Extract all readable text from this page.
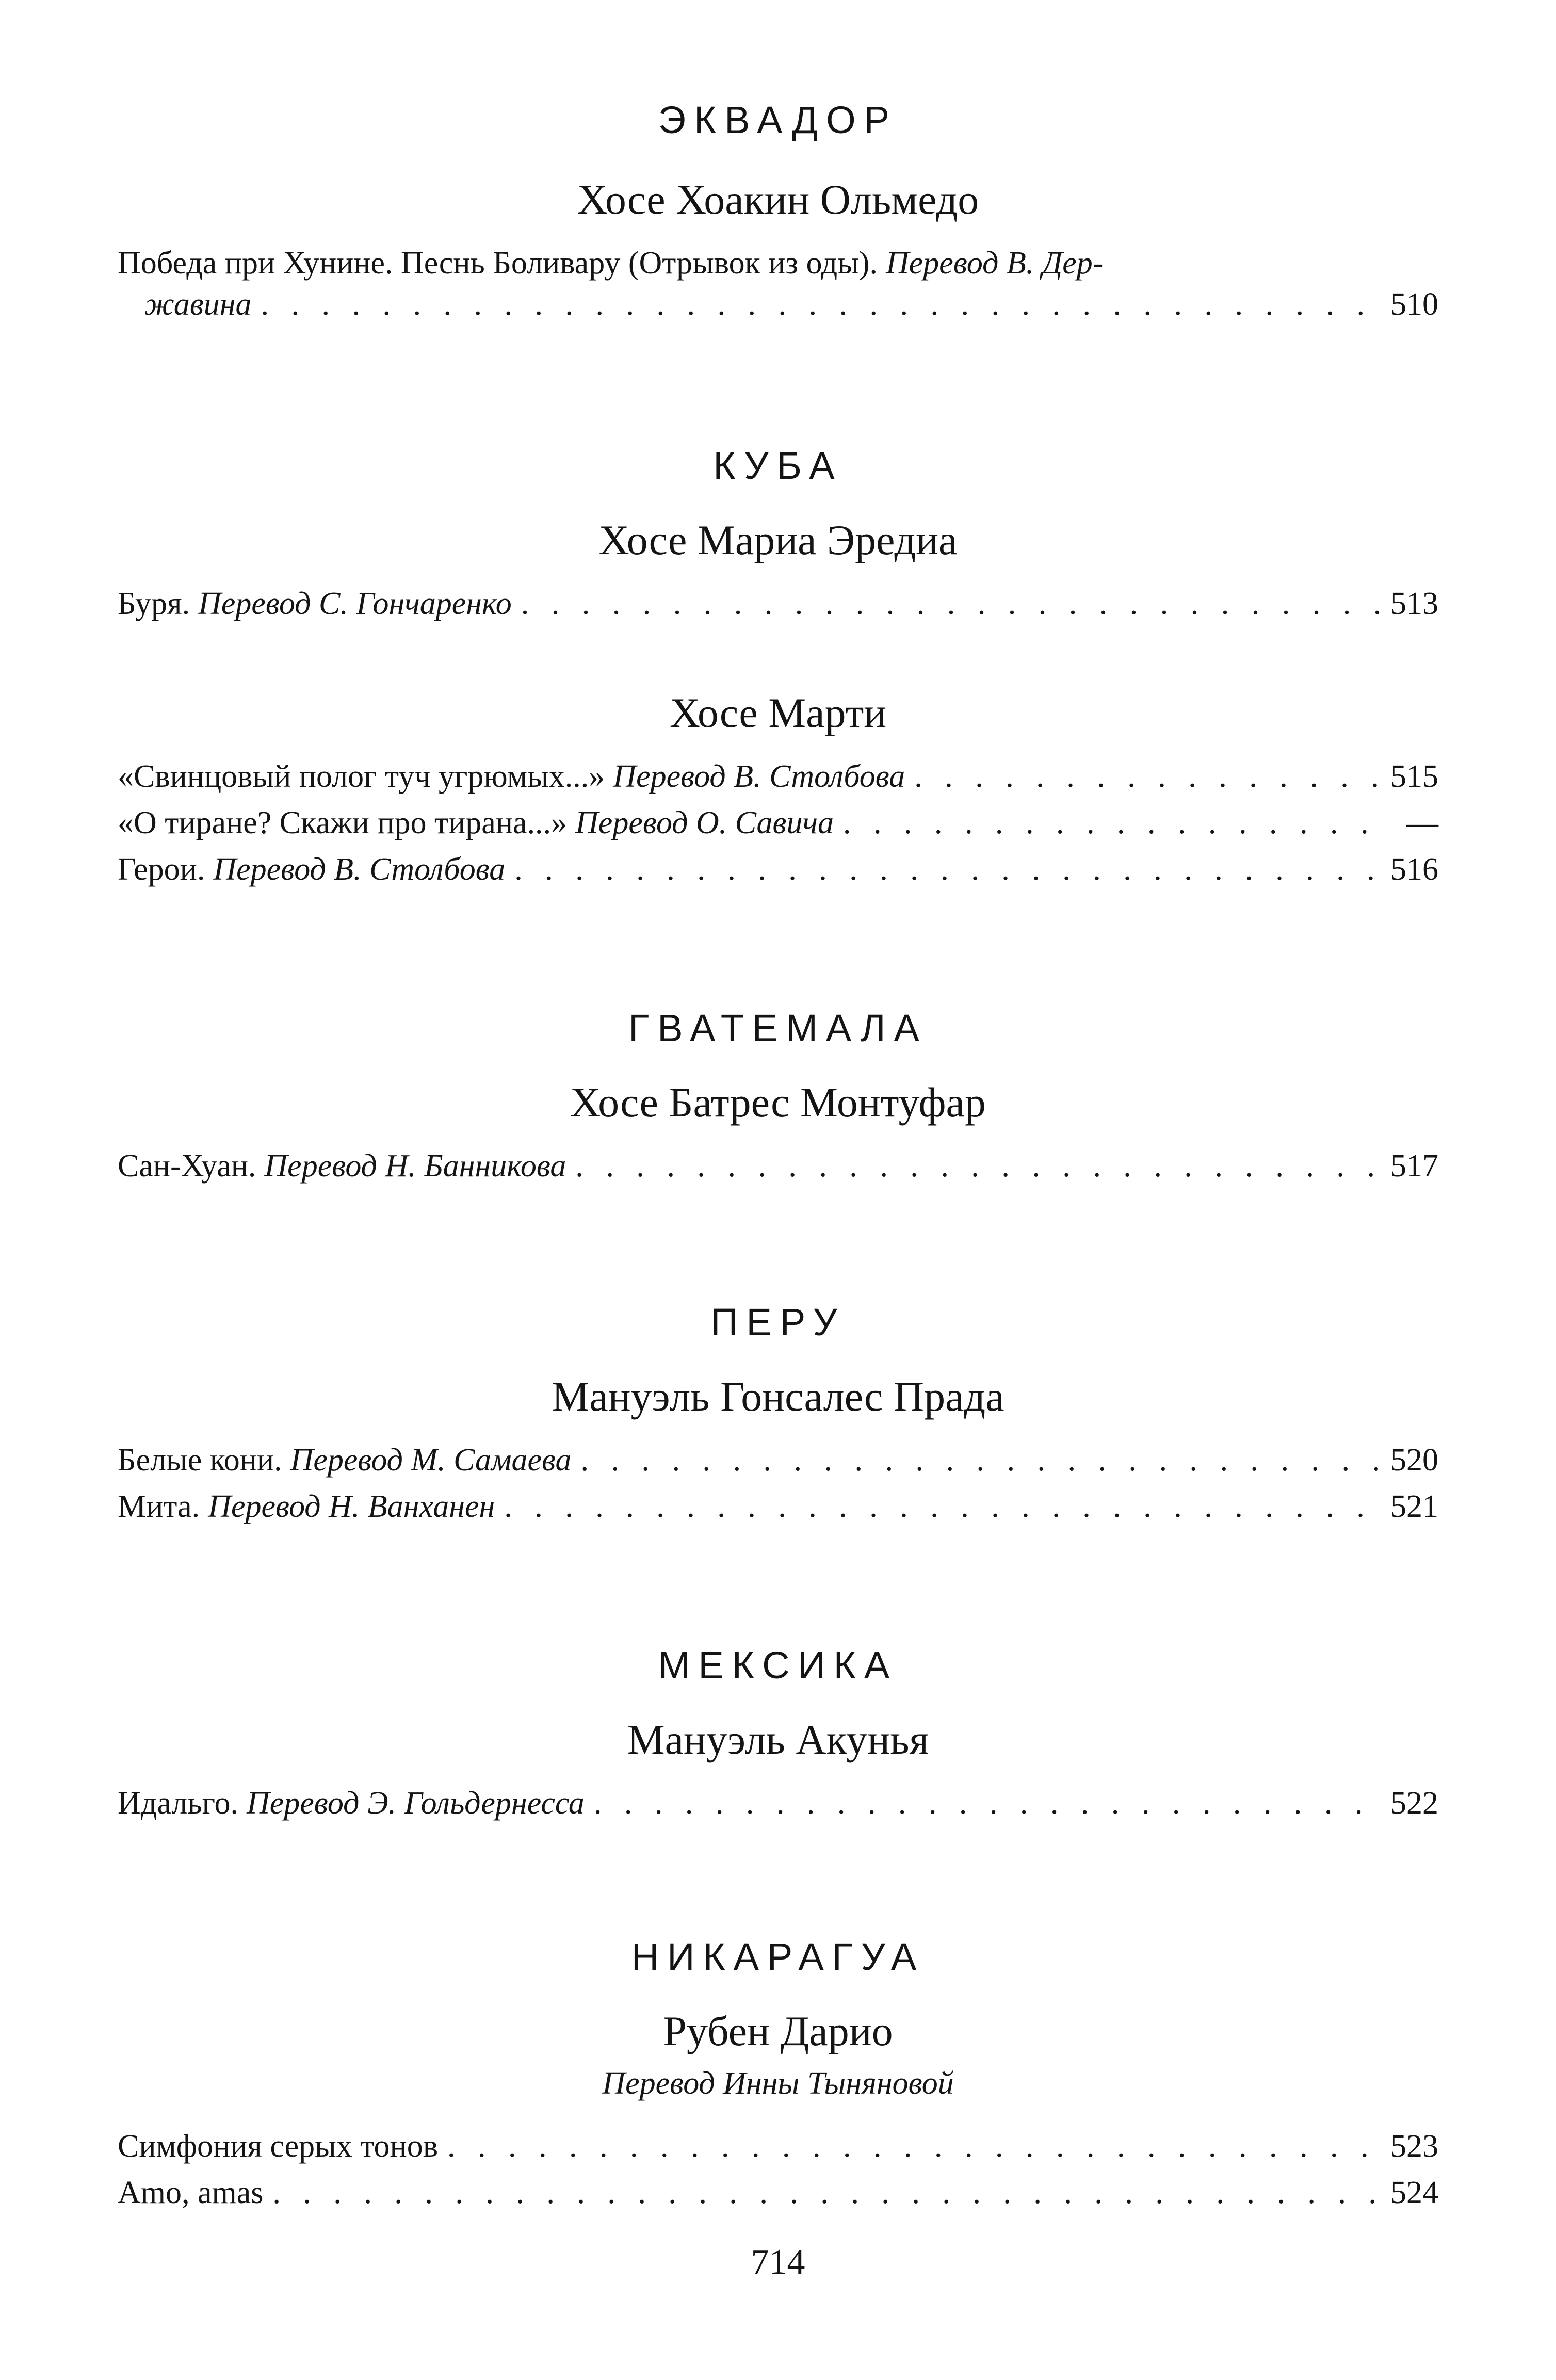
ЭКВАДОР
Хосе Хоакин Ольмедо
Победа при Хунине. Песнь Боливару (Отрывок из оды). Перевод В. Дер-
жавина . . .	510
КУБА
Хосе Мариа Эредиа
Буря. Перевод С. Гончаренко . . .	513
Хосе Марти
«Свинцовый полог туч угрюмых...» Перевод В. Столбова . . .	515
«О тиране? Скажи про тирана...» Перевод О. Савича . . .	—
Герои. Перевод В. Столбова . . .	516
ГВАТЕМАЛА
Хосе Батрес Монтуфар
Сан-Хуан. Перевод Н. Банникова . . .	517
ПЕРУ
Мануэль Гонсалес Прада
Белые кони. Перевод М. Самаева . . .	520
Мита. Перевод Н. Ванханен . . .	521
МЕКСИКА
Мануэль Акунья
Идальго. Перевод Э. Гольдернесса . . .	522
НИКАРАГУА
Рубен Дарио
Перевод Инны Тыняновой
Симфония серых тонов . . .	523
Amo, amas . . .	524
714
